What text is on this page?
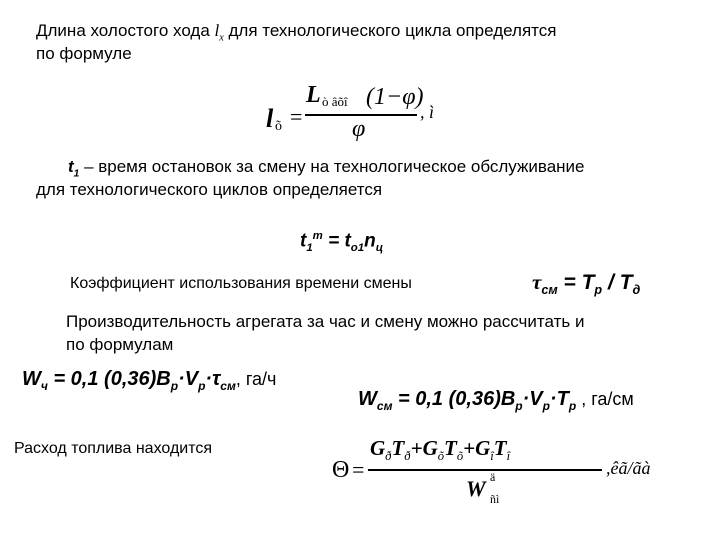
Длина холостого хода $l_x$ для технологического цикла определятся
по формуле
l õ =
L ò âõî (1−φ)
φ
, ì
$t_1$ – время остановок за смену на технологическое обслуживание
для технологического циклов определяется
$t_1^т = t_{о1}n_ц$
Коэффициент использования времени смены	$\tau_{см} = T_р / T_д$
Производительность агрегата за час и смену можно рассчитать и
по формулам
$W_ч = 0,1$ $(0,36)B_р\cdot V_р\cdot\tau_{см}$, га/ч
$W_{см} = 0,1$ $(0,36)B_р\cdot V_р\cdot T_р$ , га/см
Расход топлива находится
Θ =
$G_ðT_ð+G_õT_õ+G_îT_î$
W ä
ñì
,êã/ãà
